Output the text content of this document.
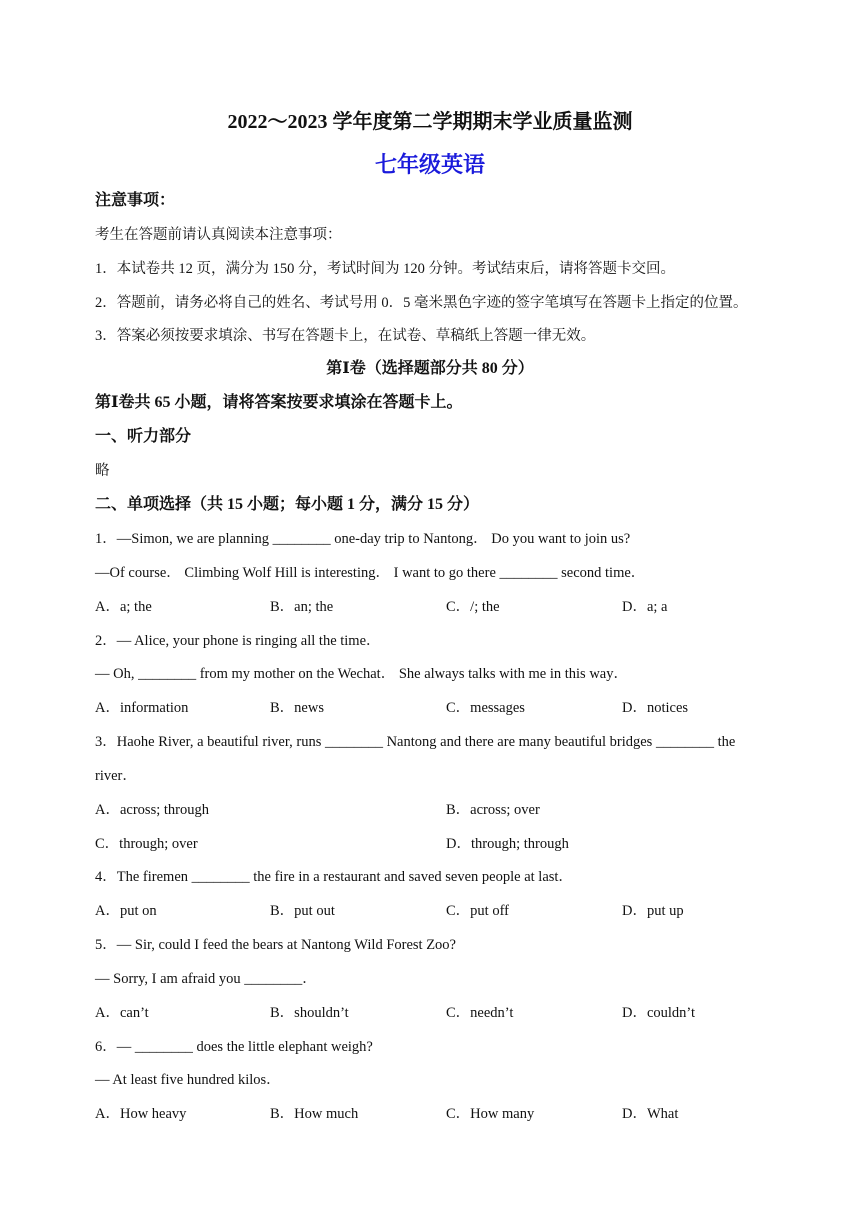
2022～2023 学年度第二学期期末学业质量监测
七年级英语
注意事项：
考生在答题前请认真阅读本注意事项：
1．本试卷共 12 页，满分为 150 分，考试时间为 120 分钟。考试结束后，请将答题卡交回。
2．答题前，请务必将自己的姓名、考试号用 0．5 毫米黑色字迹的签字笔填写在答题卡上指定的位置。
3．答案必须按要求填涂、书写在答题卡上，在试卷、草稿纸上答题一律无效。
第Ⅰ卷（选择题部分共 80 分）
第Ⅰ卷共 65 小题，请将答案按要求填涂在答题卡上。
一、听力部分
略
二、单项选择（共 15 小题；每小题 1 分，满分 15 分）
1．—Simon, we are planning ________ one-day trip to Nantong． Do you want to join us?
—Of course． Climbing Wolf Hill is interesting． I want to go there ________ second time．
A．a; the	B．an; the	C．/; the	D．a; a
2．— Alice, your phone is ringing all the time．
— Oh, ________ from my mother on the Wechat． She always talks with me in this way．
A．information	B．news	C．messages	D．notices
3．Haohe River, a beautiful river, runs ________ Nantong and there are many beautiful bridges ________ the
river．
A．across; through	B．across; over
C．through; over	D．through; through
4．The firemen ________ the fire in a restaurant and saved seven people at last．
A．put on	B．put out	C．put off	D．put up
5．— Sir, could I feed the bears at Nantong Wild Forest Zoo?
— Sorry, I am afraid you ________．
A．can’t	B．shouldn’t	C．needn’t	D．couldn’t
6．— ________ does the little elephant weigh?
— At least five hundred kilos．
A．How heavy	B．How much	C．How many	D．What
